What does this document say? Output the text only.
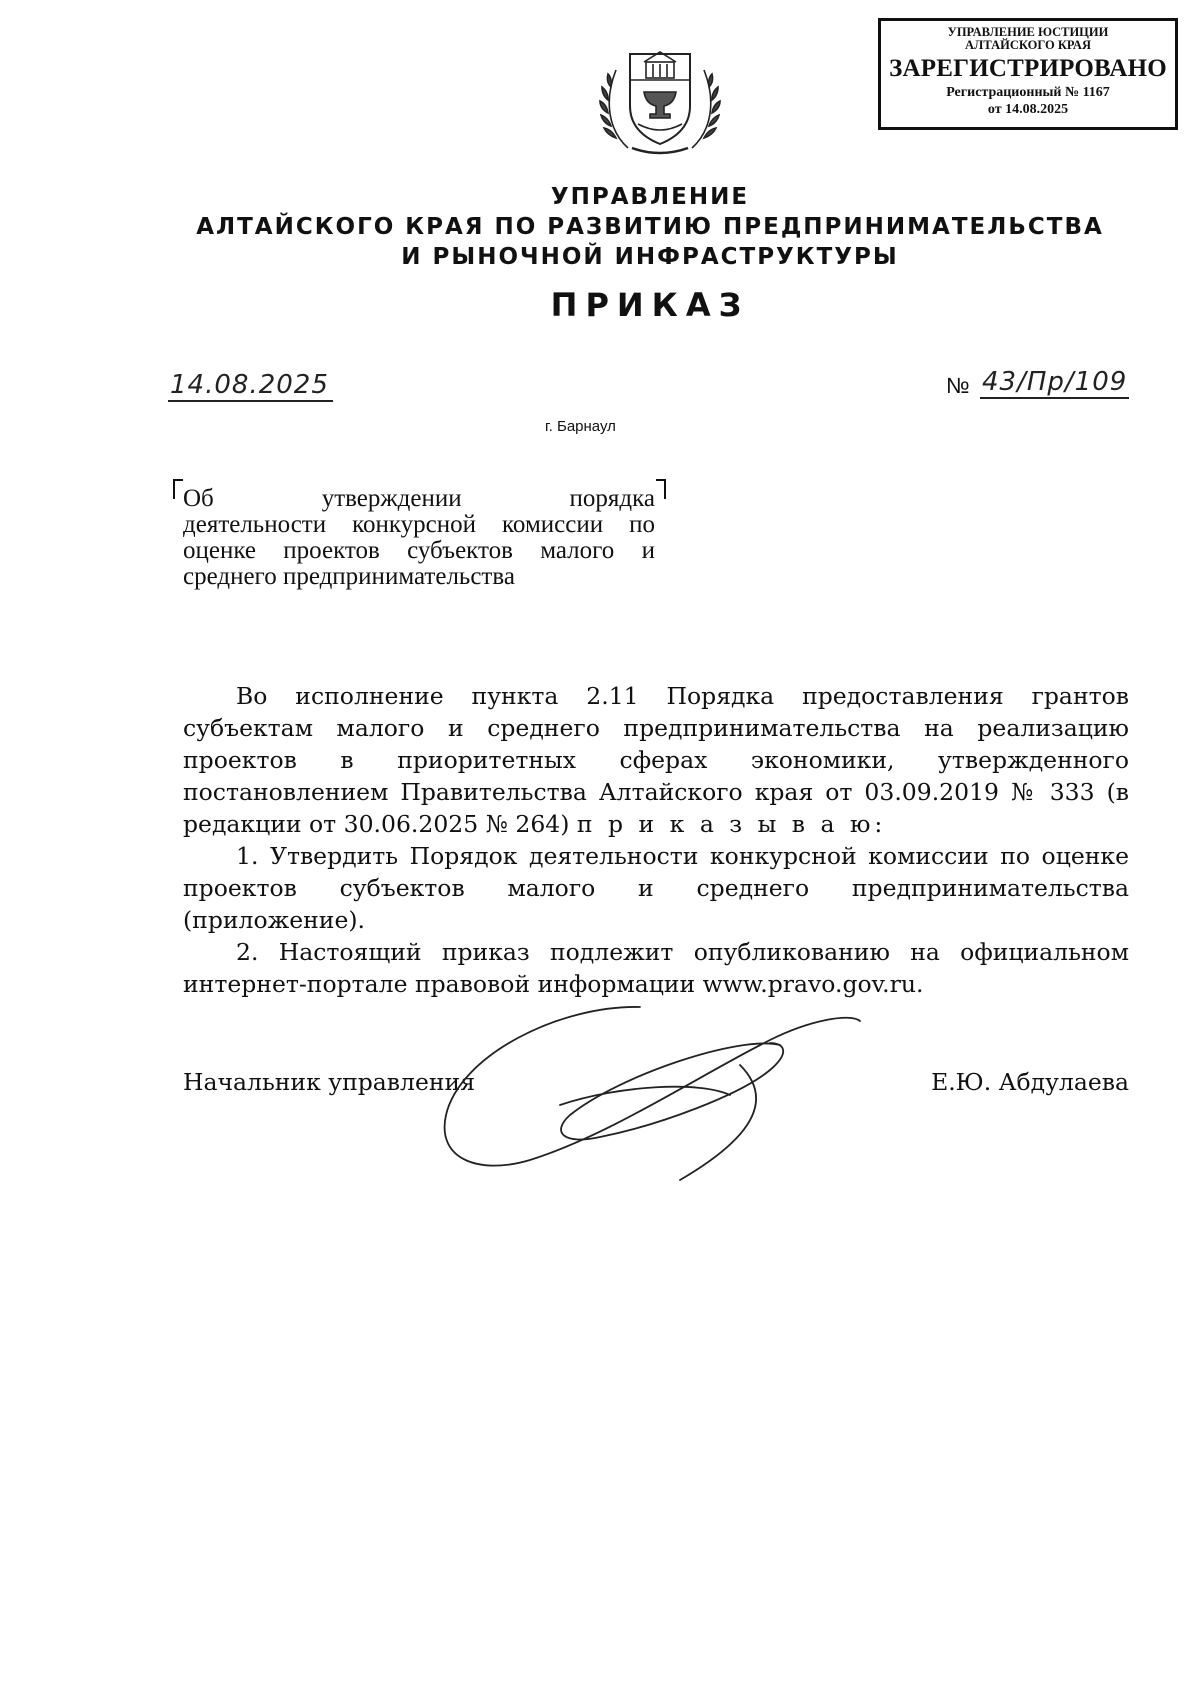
УПРАВЛЕНИЕ ЮСТИЦИИ
АЛТАЙСКОГО КРАЯ
ЗАРЕГИСТРИРОВАНО
Регистрационный № 1167
от 14.08.2025
УПРАВЛЕНИЕ
АЛТАЙСКОГО КРАЯ ПО РАЗВИТИЮ ПРЕДПРИНИМАТЕЛЬСТВА
И РЫНОЧНОЙ ИНФРАСТРУКТУРЫ
ПРИКАЗ
14.08.2025	№ 43/Пр/109
г. Барнаул
Об утверждении порядка
деятельности конкурсной комиссии по
оценке проектов субъектов малого и
среднего предпринимательства

Во исполнение пункта 2.11 Порядка предоставления грантов субъектам малого и среднего предпринимательства на реализацию проектов в приоритетных сферах экономики, утвержденного постановлением Правительства Алтайского края от 03.09.2019 № 333 (в редакции от 30.06.2025 № 264) п р и к а з ы в а ю:

1. Утвердить Порядок деятельности конкурсной комиссии по оценке проектов субъектов малого и среднего предпринимательства (приложение).

2. Настоящий приказ подлежит опубликованию на официальном интернет-портале правовой информации www.pravo.gov.ru.

Начальник управления	Е.Ю. Абдулаева
